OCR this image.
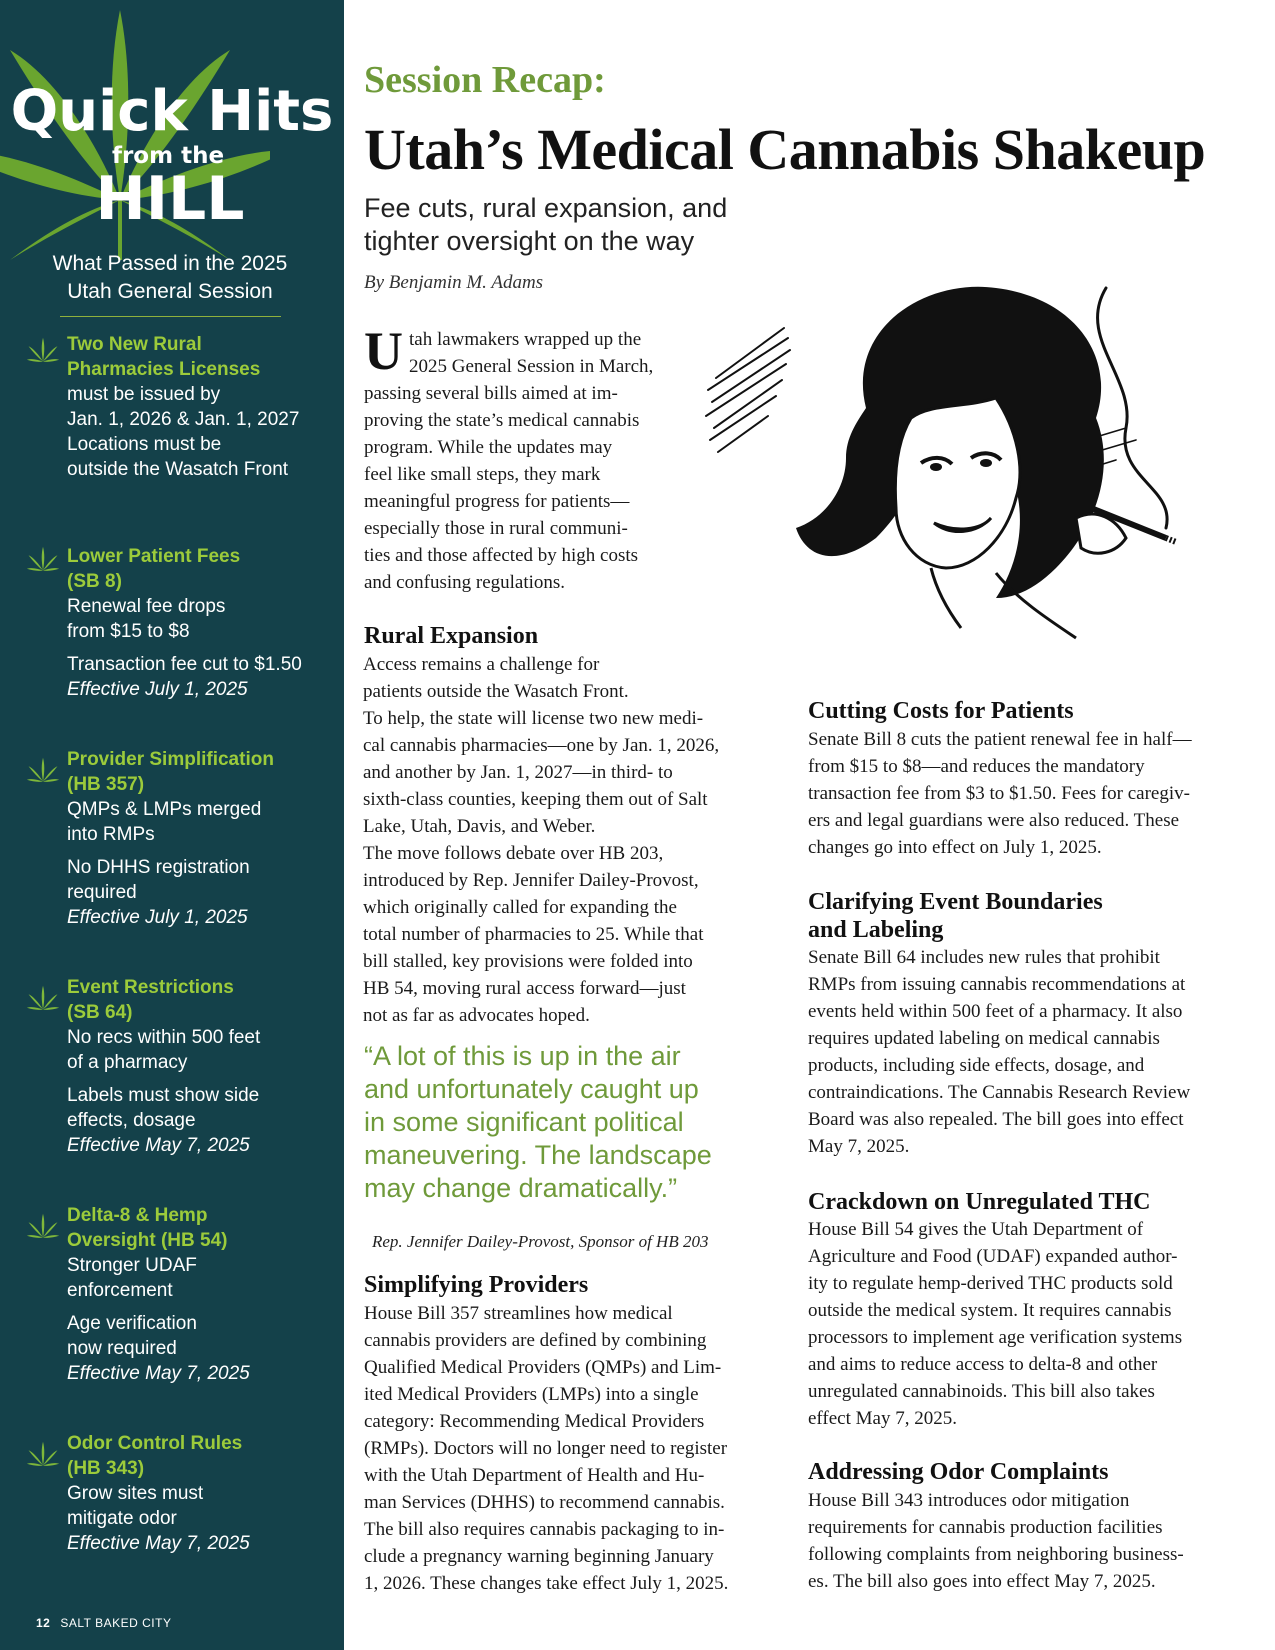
Quick Hits
from the
HILL
What Passed in the 2025
Utah General Session
Two New Rural
Pharmacies Licenses
must be issued by
Jan. 1, 2026 & Jan. 1, 2027
Locations must be
outside the Wasatch Front
Lower Patient Fees
(SB 8)
Renewal fee drops
from $15 to $8
Transaction fee cut to $1.50
Effective July 1, 2025
Provider Simplification
(HB 357)
QMPs & LMPs merged
into RMPs
No DHHS registration
required
Effective July 1, 2025
Event Restrictions
(SB 64)
No recs within 500 feet
of a pharmacy
Labels must show side
effects, dosage
Effective May 7, 2025
Delta-8 & Hemp
Oversight (HB 54)
Stronger UDAF
enforcement
Age verification
now required
Effective May 7, 2025
Odor Control Rules
(HB 343)
Grow sites must
mitigate odor
Effective May 7, 2025
12 SALT BAKED CITY
Session Recap:
Utah’s Medical Cannabis Shakeup
Fee cuts, rural expansion, and
tighter oversight on the way
By Benjamin M. Adams
U tah lawmakers wrapped up the
2025 General Session in March,
passing several bills aimed at im-
proving the state’s medical cannabis
program. While the updates may
feel like small steps, they mark
meaningful progress for patients—
especially those in rural communi-
ties and those affected by high costs
and confusing regulations.
Rural Expansion
Access remains a challenge for
patients outside the Wasatch Front.
To help, the state will license two new medi-
cal cannabis pharmacies—one by Jan. 1, 2026,
and another by Jan. 1, 2027—in third- to
sixth-class counties, keeping them out of Salt
Lake, Utah, Davis, and Weber.
The move follows debate over HB 203,
introduced by Rep. Jennifer Dailey-Provost,
which originally called for expanding the
total number of pharmacies to 25. While that
bill stalled, key provisions were folded into
HB 54, moving rural access forward—just
not as far as advocates hoped.
“A lot of this is up in the air
and unfortunately caught up
in some significant political
maneuvering. The landscape
may change dramatically.”
Rep. Jennifer Dailey-Provost, Sponsor of HB 203
Simplifying Providers
House Bill 357 streamlines how medical
cannabis providers are defined by combining
Qualified Medical Providers (QMPs) and Lim-
ited Medical Providers (LMPs) into a single
category: Recommending Medical Providers
(RMPs). Doctors will no longer need to register
with the Utah Department of Health and Hu-
man Services (DHHS) to recommend cannabis.
The bill also requires cannabis packaging to in-
clude a pregnancy warning beginning January
1, 2026. These changes take effect July 1, 2025.
Cutting Costs for Patients
Senate Bill 8 cuts the patient renewal fee in half—
from $15 to $8—and reduces the mandatory
transaction fee from $3 to $1.50. Fees for caregiv-
ers and legal guardians were also reduced. These
changes go into effect on July 1, 2025.
Clarifying Event Boundaries
and Labeling
Senate Bill 64 includes new rules that prohibit
RMPs from issuing cannabis recommendations at
events held within 500 feet of a pharmacy. It also
requires updated labeling on medical cannabis
products, including side effects, dosage, and
contraindications. The Cannabis Research Review
Board was also repealed. The bill goes into effect
May 7, 2025.
Crackdown on Unregulated THC
House Bill 54 gives the Utah Department of
Agriculture and Food (UDAF) expanded author-
ity to regulate hemp-derived THC products sold
outside the medical system. It requires cannabis
processors to implement age verification systems
and aims to reduce access to delta-8 and other
unregulated cannabinoids. This bill also takes
effect May 7, 2025.
Addressing Odor Complaints
House Bill 343 introduces odor mitigation
requirements for cannabis production facilities
following complaints from neighboring business-
es. The bill also goes into effect May 7, 2025.
